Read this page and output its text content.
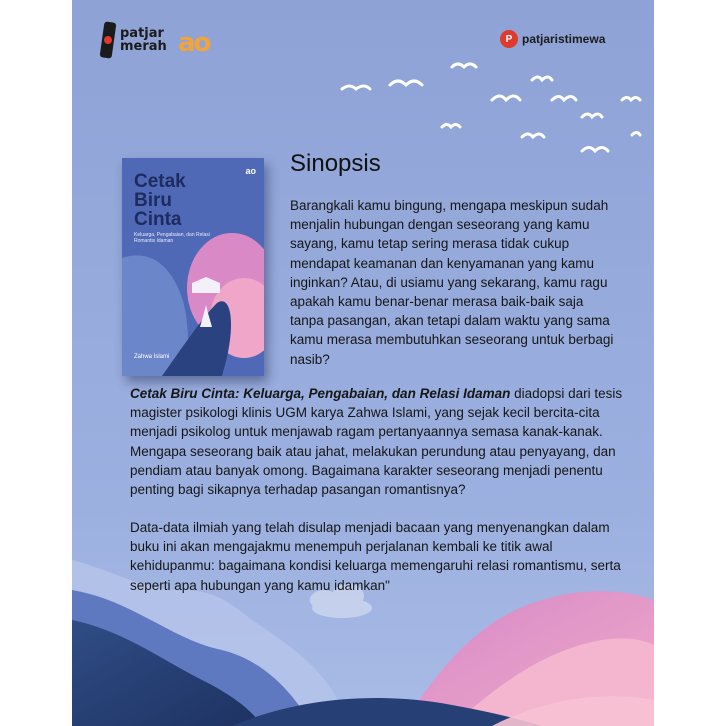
patjar
merah ao	P patjaristimewa
ao
Cetak
Biru
Cinta
Keluarga, Pengabaian, dan Relasi Romantis Idaman
Zahwa Islami
Sinopsis

Barangkali kamu bingung, mengapa meskipun sudah menjalin hubungan dengan seseorang yang kamu sayang, kamu tetap sering merasa tidak cukup mendapat keamanan dan kenyamanan yang kamu inginkan? Atau, di usiamu yang sekarang, kamu ragu apakah kamu benar-benar merasa baik-baik saja tanpa pasangan, akan tetapi dalam waktu yang sama kamu merasa membutuhkan seseorang untuk berbagi nasib?

Cetak Biru Cinta: Keluarga, Pengabaian, dan Relasi Idaman diadopsi dari tesis magister psikologi klinis UGM karya Zahwa Islami, yang sejak kecil bercita-cita menjadi psikolog untuk menjawab ragam pertanyaannya semasa kanak-kanak. Mengapa seseorang baik atau jahat, melakukan perundung atau penyayang, dan pendiam atau banyak omong. Bagaimana karakter seseorang menjadi penentu penting bagi sikapnya terhadap pasangan romantisnya?

Data-data ilmiah yang telah disulap menjadi bacaan yang menyenangkan dalam buku ini akan mengajakmu menempuh perjalanan kembali ke titik awal kehidupanmu: bagaimana kondisi keluarga memengaruhi relasi romantismu, serta seperti apa hubungan yang kamu idamkan"
